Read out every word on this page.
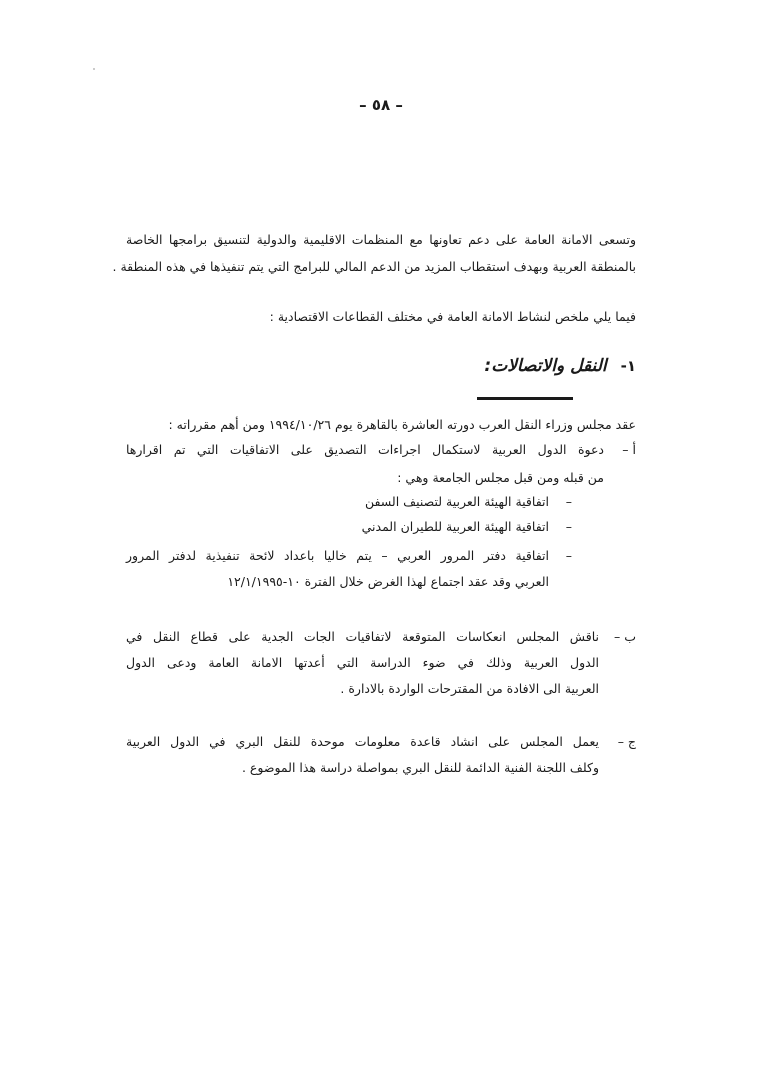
– ٥٨ –
وتسعى الامانة العامة على دعم تعاونها مع المنظمات الاقليمية والدولية لتنسيق برامجها الخاصة
بالمنطقة العربية وبهدف استقطاب المزيد من الدعم المالي للبرامج التي يتم تنفيذها في هذه المنطقة .
فيما يلي ملخص لنشاط الامانة العامة في مختلف القطاعات الاقتصادية :
١-
النقل والاتصالات:
عقد مجلس وزراء النقل العرب دورته العاشرة بالقاهرة يوم ١٩٩٤/١٠/٢٦ ومن أهم مقرراته :
أ –
دعوة الدول العربية لاستكمال اجراءات التصديق على الاتفاقيات التي تم اقرارها
من قبله ومن قبل مجلس الجامعة وهي :
–
اتفاقية الهيئة العربية لتصنيف السفن
–
اتفاقية الهيئة العربية للطيران المدني
–
اتفاقية دفتر المرور العربي – يتم خاليا باعداد لائحة تنفيذية لدفتر المرور
العربي وقد عقد اجتماع لهذا الغرض خلال الفترة ١٠-١٢/١/١٩٩٥
ب –
ناقش المجلس انعكاسات المتوقعة لاتفاقيات الجات الجدية على قطاع النقل في
الدول العربية وذلك في ضوء الدراسة التي أعدتها الامانة العامة ودعى الدول
العربية الى الافادة من المقترحات الواردة بالادارة .
ج –
يعمل المجلس على انشاد قاعدة معلومات موحدة للنقل البري في الدول العربية
وكلف اللجنة الفنية الدائمة للنقل البري بمواصلة دراسة هذا الموضوع .
